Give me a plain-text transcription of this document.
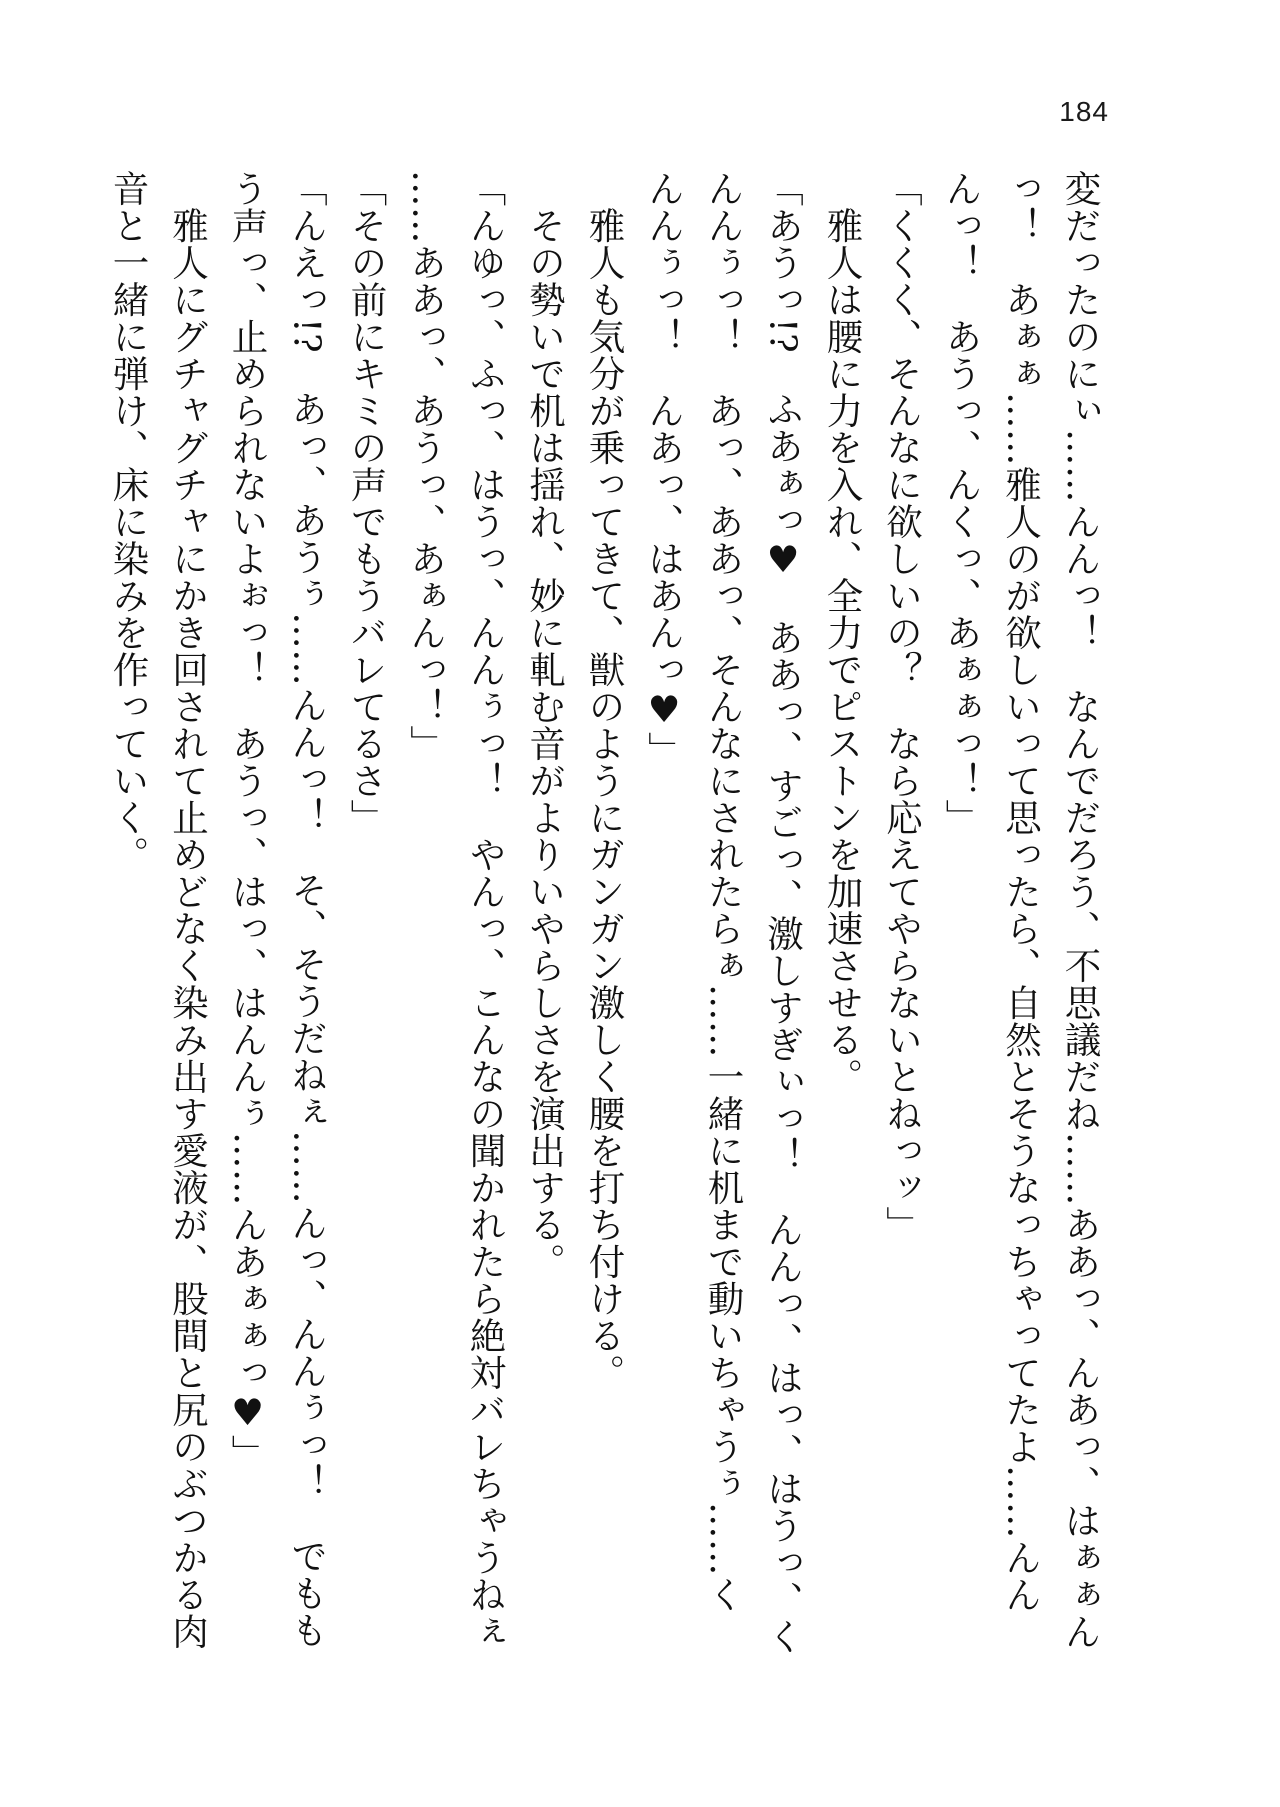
184
変だったのにぃ……んんっ！　なんでだろう、不思議だね……ああっ、んあっ、はぁぁん
っ！　あぁぁ……雅人のが欲しいって思ったら、自然とそうなっちゃってたよ……んん
んっ！　あうっ、んくっ、あぁぁっ！」
「くくく、そんなに欲しいの？　なら応えてやらないとねっッ」
　雅人は腰に力を入れ、全力でピストンを加速させる。
「あうっ!?　ふあぁっ♥　ああっ、すごっ、激しすぎぃっ！　んんっ、はっ、はうっ、く
んんぅっ！　あっ、ああっ、そんなにされたらぁ……一緒に机まで動いちゃうぅ……く
んんぅっ！　んあっ、はあんっ♥」
　雅人も気分が乗ってきて、獣のようにガンガン激しく腰を打ち付ける。
　その勢いで机は揺れ、妙に軋む音がよりいやらしさを演出する。
「んゆっ、ふっ、はうっ、んんぅっ！　やんっ、こんなの聞かれたら絶対バレちゃうねぇ
……ああっ、あうっ、あぁんっ！」
「その前にキミの声でもうバレてるさ」
「んえっ!?　あっ、あうぅ……んんっ！　そ、そうだねぇ……んっ、んんぅっ！　でもも
う声っ、止められないよぉっ！　あうっ、はっ、はんんぅ……んあぁぁっ♥」
　雅人にグチャグチャにかき回されて止めどなく染み出す愛液が、股間と尻のぶつかる肉
音と一緒に弾け、床に染みを作っていく。
